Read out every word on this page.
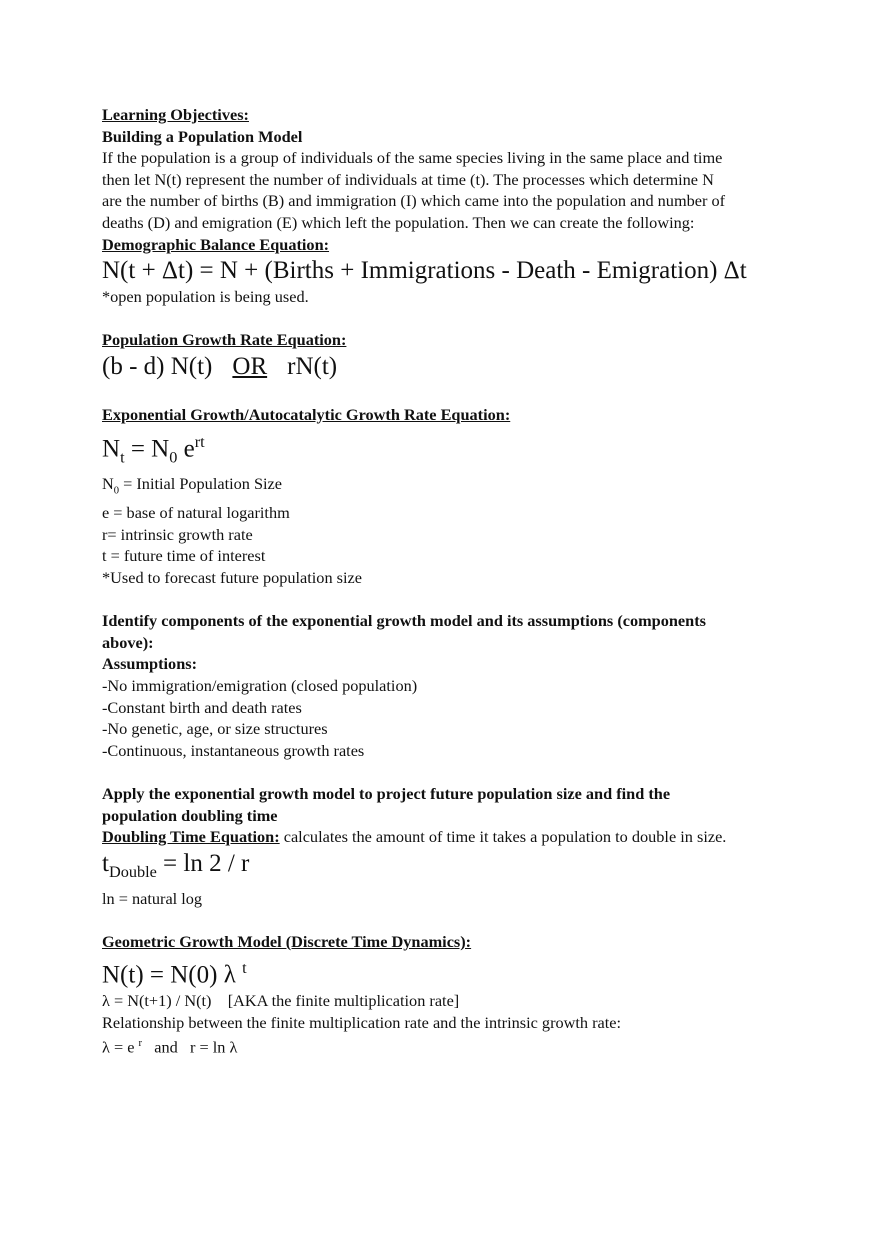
Learning Objectives:
Building a Population Model
If the population is a group of individuals of the same species living in the same place and time
then let N(t) represent the number of individuals at time (t). The processes which determine N
are the number of births (B) and immigration (I) which came into the population and number of
deaths (D) and emigration (E) which left the population. Then we can create the following:
Demographic Balance Equation:
N(t + Δt) = N + (Births + Immigrations - Death - Emigration) Δt
*open population is being used.
Population Growth Rate Equation:
(b - d) N(t) OR rN(t)
Exponential Growth/Autocatalytic Growth Rate Equation:
$N_t = N_0$ $e^{rt}$
$N_0$ = Initial Population Size
e = base of natural logarithm
r= intrinsic growth rate
t = future time of interest
*Used to forecast future population size
Identify components of the exponential growth model and its assumptions (components
above):
Assumptions:
-No immigration/emigration (closed population)
-Constant birth and death rates
-No genetic, age, or size structures
-Continuous, instantaneous growth rates
Apply the exponential growth model to project future population size and find the
population doubling time
Doubling Time Equation: calculates the amount of time it takes a population to double in size.
$t_{Double} = \ln 2 / r$
ln = natural log
Geometric Growth Model (Discrete Time Dynamics):
N(t) = N(0) λ $^t$
λ = N(t+1) / N(t)    [AKA the finite multiplication rate]
Relationship between the finite multiplication rate and the intrinsic growth rate:
λ = e $^r$   and   r = ln λ
